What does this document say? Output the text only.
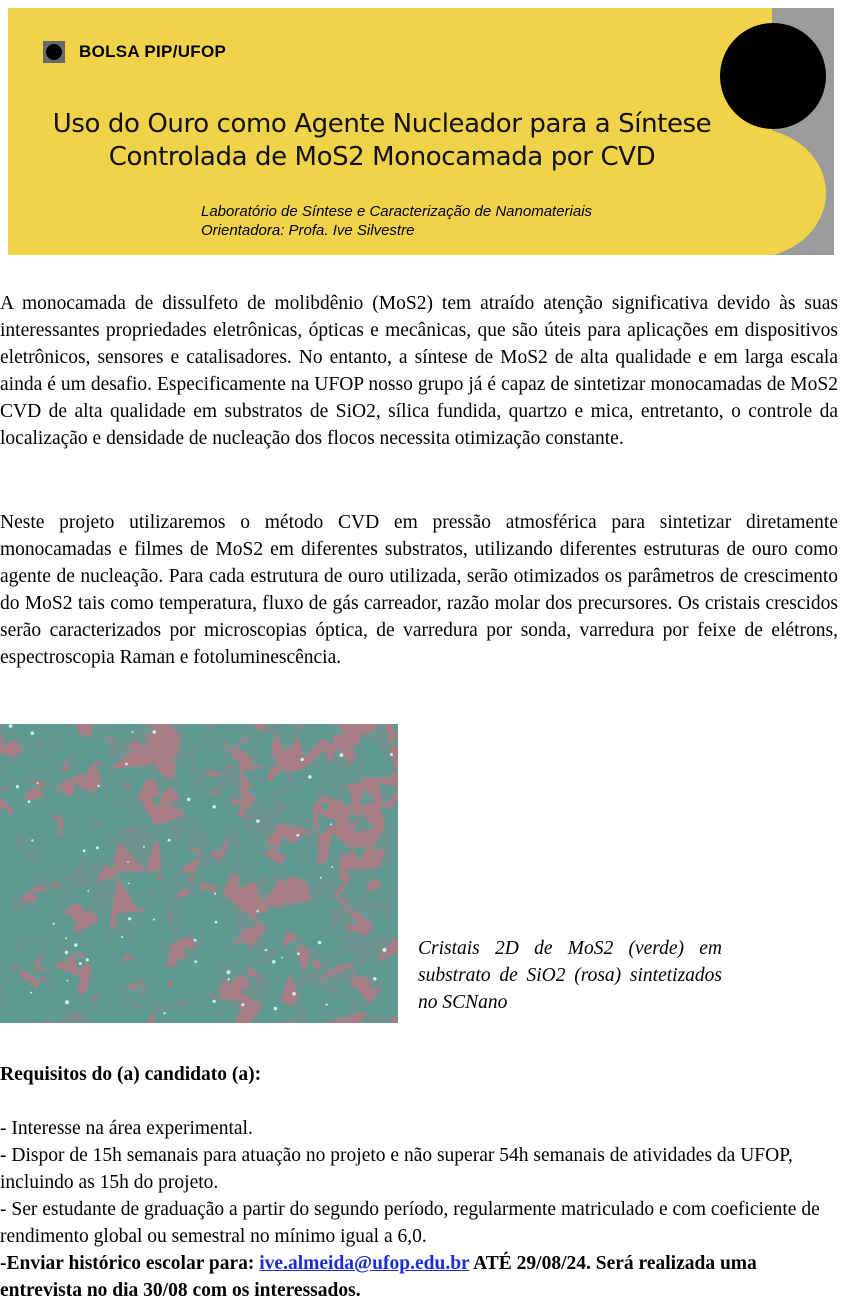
BOLSA PIP/UFOP
Uso do Ouro como Agente Nucleador para a Síntese
Controlada de MoS2 Monocamada por CVD
Laboratório de Síntese e Caracterização de Nanomateriais
Orientadora: Profa. Ive Silvestre

A monocamada de dissulfeto de molibdênio (MoS2) tem atraído atenção significativa devido às suas interessantes propriedades eletrônicas, ópticas e mecânicas, que são úteis para aplicações em dispositivos eletrônicos, sensores e catalisadores. No entanto, a síntese de MoS2 de alta qualidade e em larga escala ainda é um desafio. Especificamente na UFOP nosso grupo já é capaz de sintetizar monocamadas de MoS2 CVD de alta qualidade em substratos de SiO2, sílica fundida, quartzo e mica, entretanto, o controle da localização e densidade de nucleação dos flocos necessita otimização constante.

Neste projeto utilizaremos o método CVD em pressão atmosférica para sintetizar diretamente monocamadas e filmes de MoS2 em diferentes substratos, utilizando diferentes estruturas de ouro como agente de nucleação. Para cada estrutura de ouro utilizada, serão otimizados os parâmetros de crescimento do MoS2 tais como temperatura, fluxo de gás carreador, razão molar dos precursores. Os cristais crescidos serão caracterizados por microscopias óptica, de varredura por sonda, varredura por feixe de elétrons, espectroscopia Raman e fotoluminescência.

Cristais 2D de MoS2 (verde) em substrato de SiO2 (rosa) sintetizados no SCNano

Requisitos do (a) candidato (a):
- Interesse na área experimental.
- Dispor de 15h semanais para atuação no projeto e não superar 54h semanais de atividades da UFOP, incluindo as 15h do projeto.
- Ser estudante de graduação a partir do segundo período, regularmente matriculado e com coeficiente de rendimento global ou semestral no mínimo igual a 6,0.
-Enviar histórico escolar para: ive.almeida@ufop.edu.br ATÉ 29/08/24. Será realizada uma entrevista no dia 30/08 com os interessados.
